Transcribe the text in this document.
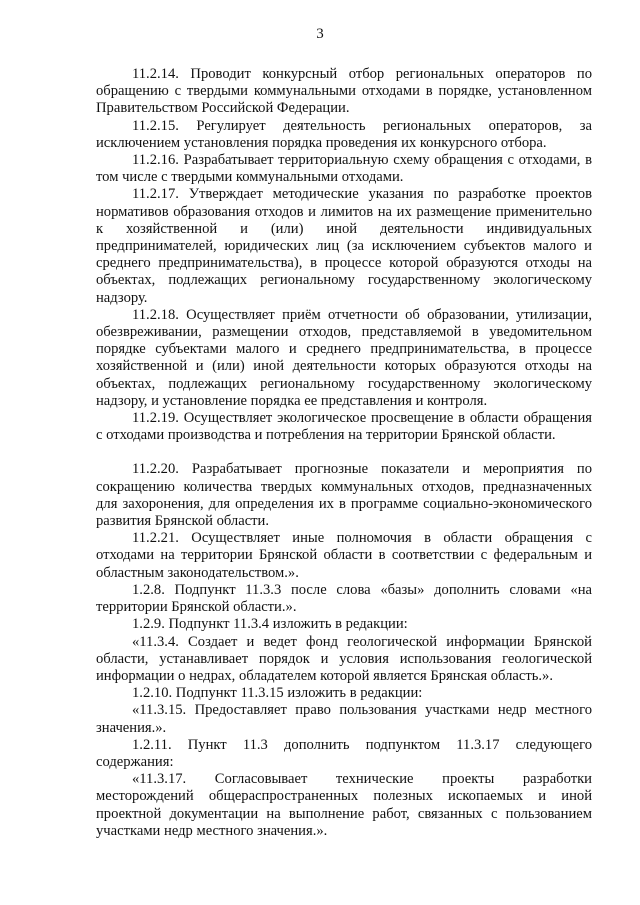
3

11.2.14. Проводит конкурсный отбор региональных операторов по обращению с твердыми коммунальными отходами в порядке, установленном Правительством Российской Федерации.

11.2.15. Регулирует деятельность региональных операторов, за исключением установления порядка проведения их конкурсного отбора.

11.2.16. Разрабатывает территориальную схему обращения с отходами, в том числе с твердыми коммунальными отходами.

11.2.17. Утверждает методические указания по разработке проектов нормативов образования отходов и лимитов на их размещение применительно к хозяйственной и (или) иной деятельности индивидуальных предпринимателей, юридических лиц (за исключением субъектов малого и среднего предпринимательства), в процессе которой образуются отходы на объектах, подлежащих региональному государственному экологическому надзору.

11.2.18. Осуществляет приём отчетности об образовании, утилизации, обезвреживании, размещении отходов, представляемой в уведомительном порядке субъектами малого и среднего предпринимательства, в процессе хозяйственной и (или) иной деятельности которых образуются отходы на объектах, подлежащих региональному государственному экологическому надзору, и установление порядка ее представления и контроля.

11.2.19. Осуществляет экологическое просвещение в области обращения с отходами производства и потребления на территории Брянской области.

11.2.20. Разрабатывает прогнозные показатели и мероприятия по сокращению количества твердых коммунальных отходов, предназначенных для захоронения, для определения их в программе социально-экономического развития Брянской области.

11.2.21. Осуществляет иные полномочия в области обращения с отходами на территории Брянской области в соответствии с федеральным и областным законодательством.».

1.2.8. Подпункт 11.3.3 после слова «базы» дополнить словами «на территории Брянской области.».

1.2.9. Подпункт 11.3.4 изложить в редакции:

«11.3.4. Создает и ведет фонд геологической информации Брянской области, устанавливает порядок и условия использования геологической информации о недрах, обладателем которой является Брянская область.».

1.2.10. Подпункт 11.3.15 изложить в редакции:

«11.3.15. Предоставляет право пользования участками недр местного значения.».

1.2.11. Пункт 11.3 дополнить подпунктом 11.3.17 следующего содержания:

«11.3.17. Согласовывает технические проекты разработки месторождений общераспространенных полезных ископаемых и иной проектной документации на выполнение работ, связанных с пользованием участками недр местного значения.».
